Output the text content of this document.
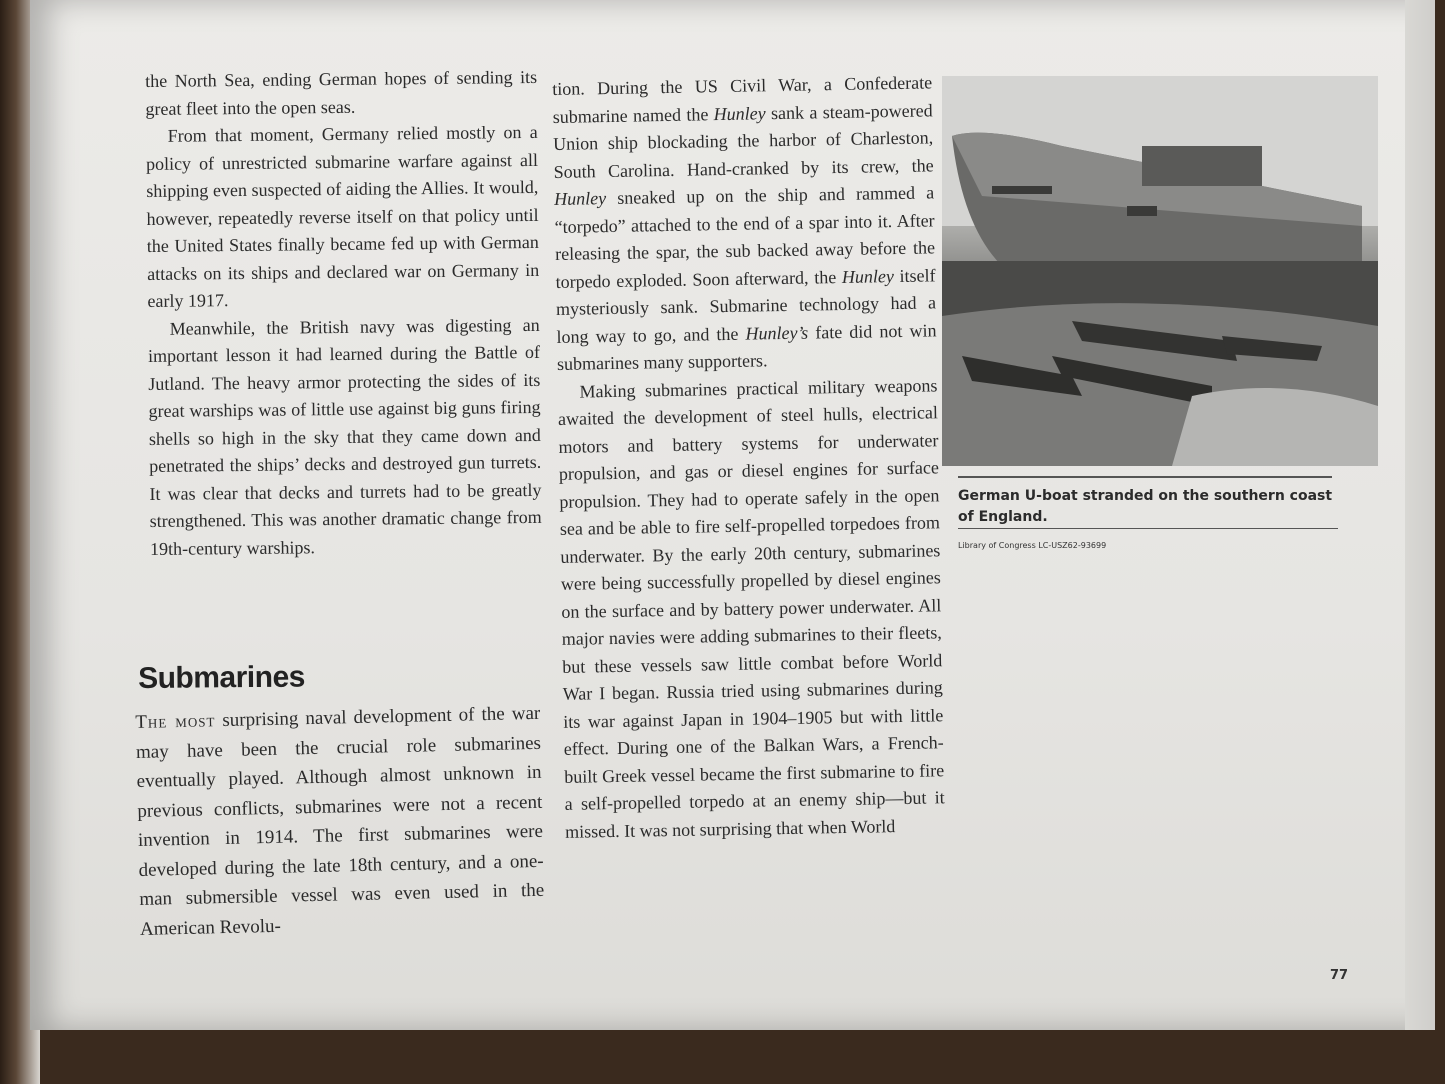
the North Sea, ending German hopes of sending its great fleet into the open seas.

From that moment, Germany relied mostly on a policy of unrestricted submarine warfare against all shipping even suspected of aiding the Allies. It would, however, repeatedly reverse itself on that policy until the United States finally became fed up with German attacks on its ships and declared war on Germany in early 1917.

Meanwhile, the British navy was digesting an important lesson it had learned during the Battle of Jutland. The heavy armor protecting the sides of its great warships was of little use against big guns firing shells so high in the sky that they came down and penetrated the ships’ decks and destroyed gun turrets. It was clear that decks and turrets had to be greatly strengthened. This was another dramatic change from 19th-century warships.

Submarines

The most surprising naval development of the war may have been the crucial role submarines eventually played. Although almost unknown in previous conflicts, submarines were not a recent invention in 1914. The first submarines were developed during the late 18th century, and a one-man submersible vessel was even used in the American Revolu-

tion. During the US Civil War, a Confederate submarine named the Hunley sank a steam-powered Union ship blockading the harbor of Charleston, South Carolina. Hand-cranked by its crew, the Hunley sneaked up on the ship and rammed a “torpedo” attached to the end of a spar into it. After releasing the spar, the sub backed away before the torpedo exploded. Soon afterward, the Hunley itself mysteriously sank. Submarine technology had a long way to go, and the Hunley’s fate did not win submarines many supporters.

Making submarines practical military weapons awaited the development of steel hulls, electrical motors and battery systems for underwater propulsion, and gas or diesel engines for surface propulsion. They had to operate safely in the open sea and be able to fire self-propelled torpedoes from underwater. By the early 20th century, submarines were being successfully propelled by diesel engines on the surface and by battery power underwater. All major navies were adding submarines to their fleets, but these vessels saw little combat before World War I began. Russia tried using submarines during its war against Japan in 1904–1905 but with little effect. During one of the Balkan Wars, a French-built Greek vessel became the first submarine to fire a self-propelled torpedo at an enemy ship—but it missed. It was not surprising that when World

German U-boat stranded on the southern coast of England.
Library of Congress LC-USZ62-93699
77
